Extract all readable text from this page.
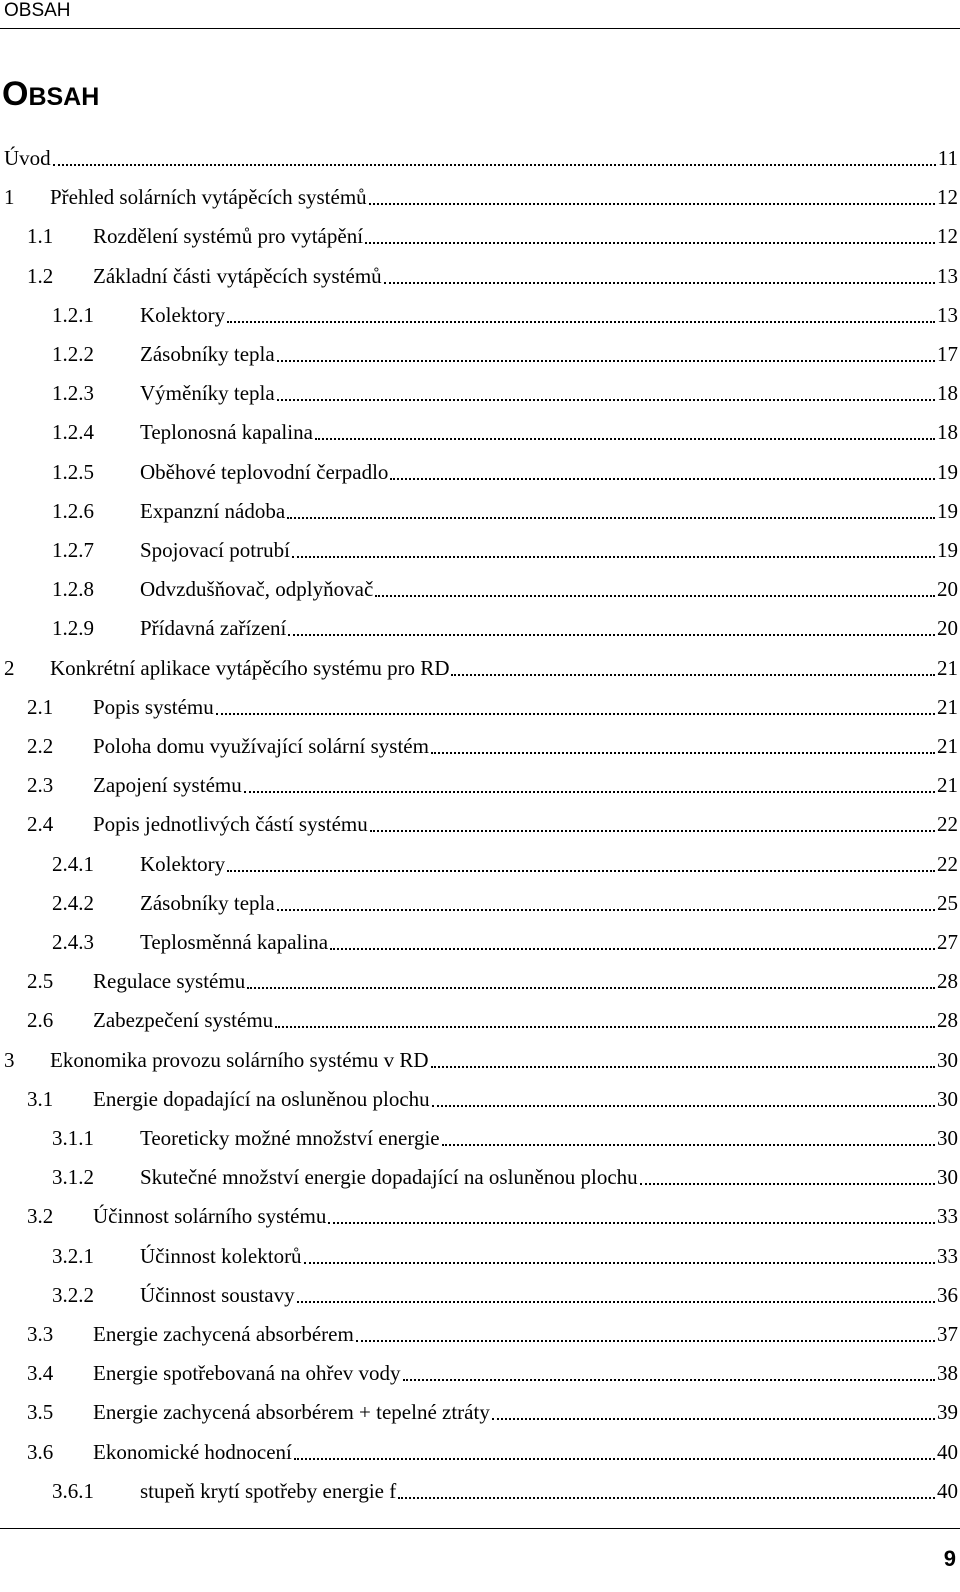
OBSAH
OBSAH
Úvod	11
1 Přehled solárních vytápěcích systémů	12
1.1 Rozdělení systémů pro vytápění	12
1.2 Základní části vytápěcích systémů	13
1.2.1 Kolektory	13
1.2.2 Zásobníky tepla	17
1.2.3 Výměníky tepla	18
1.2.4 Teplonosná kapalina	18
1.2.5 Oběhové teplovodní čerpadlo	19
1.2.6 Expanzní nádoba	19
1.2.7 Spojovací potrubí	19
1.2.8 Odvzdušňovač, odplyňovač	20
1.2.9 Přídavná zařízení	20
2 Konkrétní aplikace vytápěcího systému pro RD	21
2.1 Popis systému	21
2.2 Poloha domu využívající solární systém	21
2.3 Zapojení systému	21
2.4 Popis jednotlivých částí systému	22
2.4.1 Kolektory	22
2.4.2 Zásobníky tepla	25
2.4.3 Teplosměnná kapalina	27
2.5 Regulace systému	28
2.6 Zabezpečení systému	28
3 Ekonomika provozu solárního systému v RD	30
3.1 Energie dopadající na osluněnou plochu	30
3.1.1 Teoreticky možné množství energie	30
3.1.2 Skutečné množství energie dopadající na osluněnou plochu	30
3.2 Účinnost solárního systému	33
3.2.1 Účinnost kolektorů	33
3.2.2 Účinnost soustavy	36
3.3 Energie zachycená absorbérem	37
3.4 Energie spotřebovaná na ohřev vody	38
3.5 Energie zachycená absorbérem + tepelné ztráty	39
3.6 Ekonomické hodnocení	40
3.6.1 stupeň krytí spotřeby energie f	40
9
